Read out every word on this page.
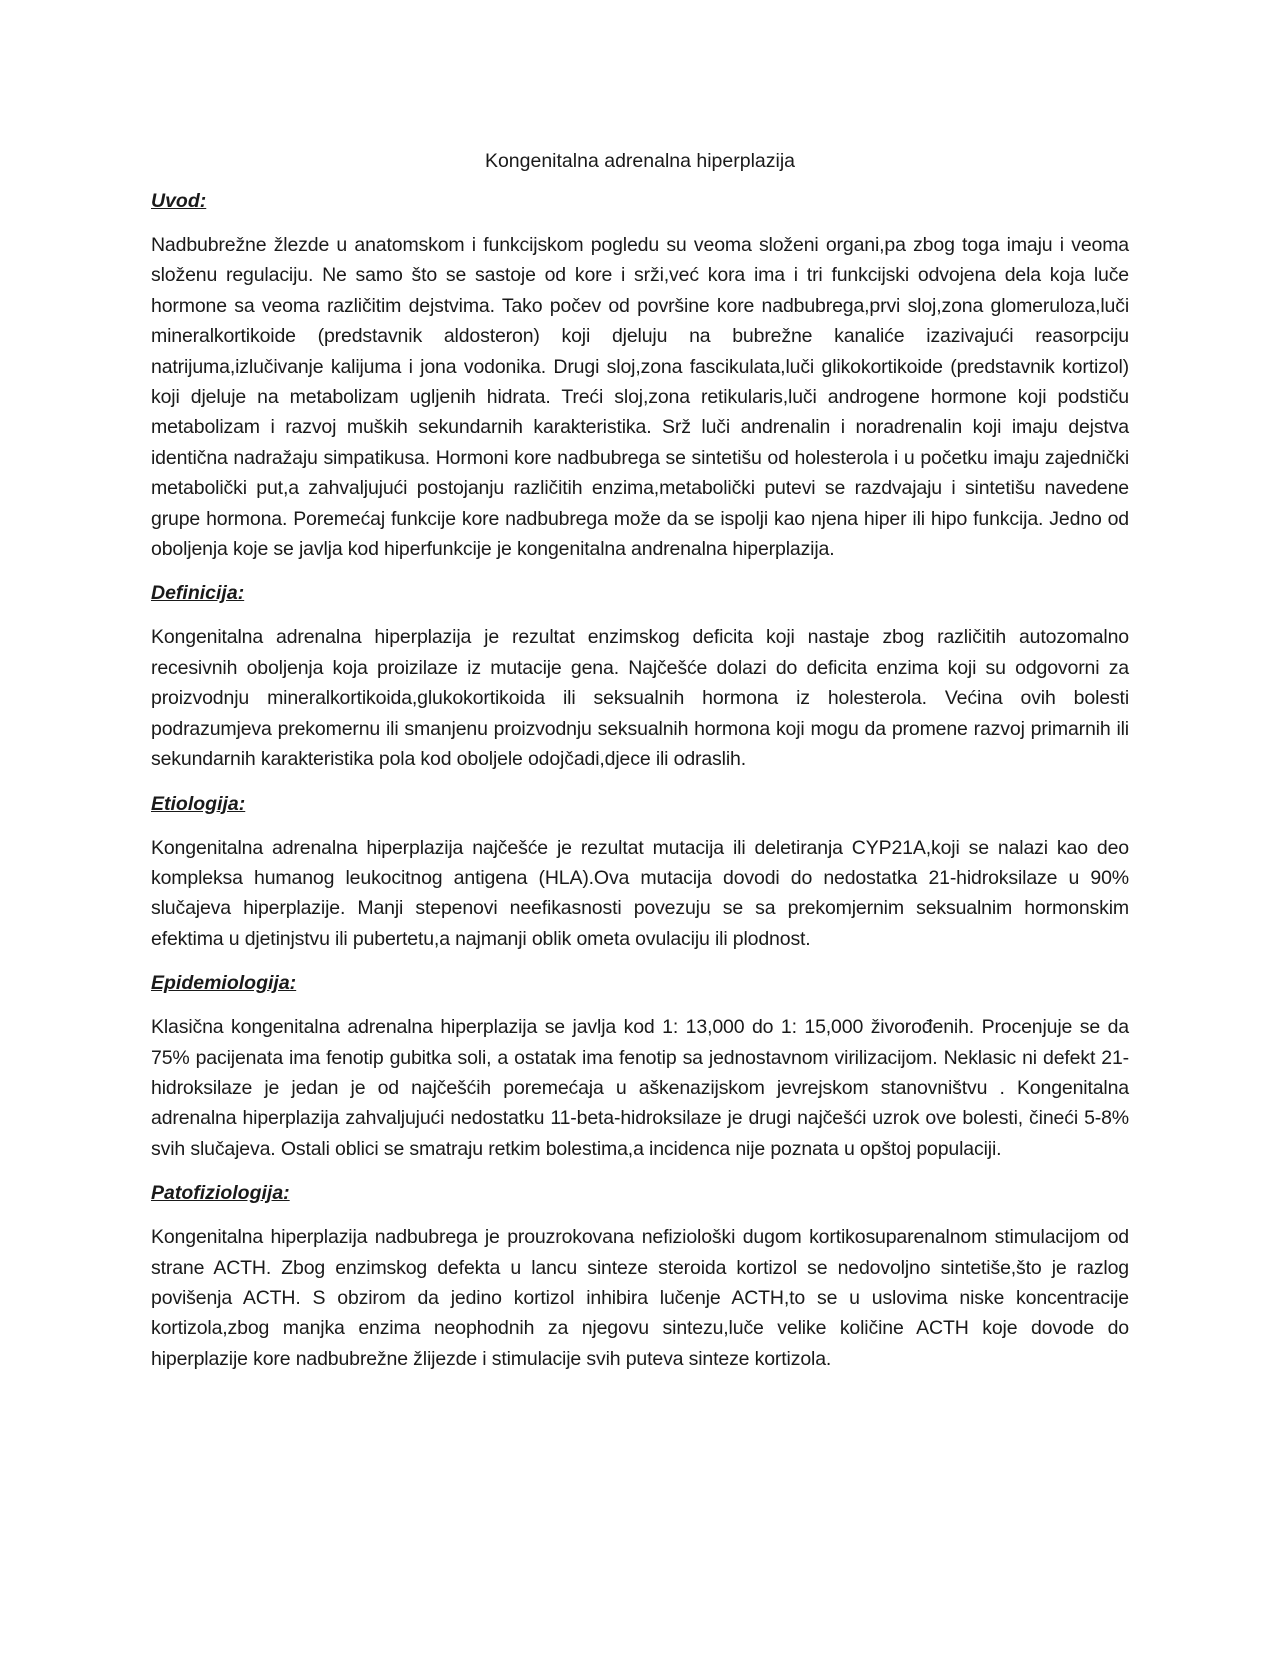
Kongenitalna adrenalna hiperplazija
Uvod:
Nadbubrežne žlezde u anatomskom i funkcijskom pogledu su veoma složeni organi,pa zbog toga imaju i veoma složenu regulaciju. Ne samo što se sastoje od kore i srži,već kora ima i tri funkcijski odvojena dela koja luče hormone sa veoma različitim dejstvima. Tako počev od površine kore nadbubrega,prvi sloj,zona glomeruloza,luči mineralkortikoide (predstavnik aldosteron) koji djeluju na bubrežne kanaliće izazivajući reasorpciju natrijuma,izlučivanje kalijuma i jona vodonika. Drugi sloj,zona fascikulata,luči glikokortikoide (predstavnik kortizol) koji djeluje na metabolizam ugljenih hidrata. Treći sloj,zona retikularis,luči androgene hormone koji podstiču metabolizam i razvoj muških sekundarnih karakteristika. Srž luči andrenalin i noradrenalin koji imaju dejstva identična nadražaju simpatikusa. Hormoni kore nadbubrega se sintetišu od holesterola i u početku imaju zajednički metabolički put,a zahvaljujući postojanju različitih enzima,metabolički putevi se razdvajaju i sintetišu navedene grupe hormona. Poremećaj funkcije kore nadbubrega može da se ispolji kao njena hiper ili hipo funkcija. Jedno od oboljenja koje se javlja kod hiperfunkcije je kongenitalna andrenalna hiperplazija.
Definicija:
Kongenitalna adrenalna hiperplazija je rezultat enzimskog deficita koji nastaje zbog različitih autozomalno recesivnih oboljenja koja proizilaze iz mutacije gena. Najčešće dolazi do deficita enzima koji su odgovorni za proizvodnju mineralkortikoida,glukokortikoida ili seksualnih hormona iz holesterola. Većina ovih bolesti podrazumjeva prekomernu ili smanjenu proizvodnju seksualnih hormona koji mogu da promene razvoj primarnih ili sekundarnih karakteristika pola kod oboljele odojčadi,djece ili odraslih.
Etiologija:
Kongenitalna adrenalna hiperplazija najčešće je rezultat mutacija ili deletiranja CYP21A,koji se nalazi kao deo kompleksa humanog leukocitnog antigena (HLA).Ova mutacija dovodi do nedostatka 21-hidroksilaze u 90% slučajeva hiperplazije. Manji stepenovi neefikasnosti povezuju se sa prekomjernim seksualnim hormonskim efektima u djetinjstvu ili pubertetu,a najmanji oblik ometa ovulaciju ili plodnost.
Epidemiologija:
Klasična kongenitalna adrenalna hiperplazija se javlja kod 1: 13,000 do 1: 15,000 živorođenih. Procenjuje se da 75% pacijenata ima fenotip gubitka soli, a ostatak ima fenotip sa jednostavnom virilizacijom. Neklasic ni defekt 21-hidroksilaze je jedan je od najčešćih poremećaja u aškenazijskom jevrejskom stanovništvu . Kongenitalna adrenalna hiperplazija zahvaljujući nedostatku 11-beta-hidroksilaze je drugi najčešći uzrok ove bolesti, čineći 5-8% svih slučajeva. Ostali oblici se smatraju retkim bolestima,a incidenca nije poznata u opštoj populaciji.
Patofiziologija:
Kongenitalna hiperplazija nadbubrega je prouzrokovana nefiziološki dugom kortikosuparenalnom stimulacijom od strane ACTH. Zbog enzimskog defekta u lancu sinteze steroida kortizol se nedovoljno sintetiše,što je razlog povišenja ACTH. S obzirom da jedino kortizol inhibira lučenje ACTH,to se u uslovima niske koncentracije kortizola,zbog manjka enzima neophodnih za njegovu sintezu,luče velike količine ACTH koje dovode do hiperplazije kore nadbubrežne žlijezde i stimulacije svih puteva sinteze kortizola.
